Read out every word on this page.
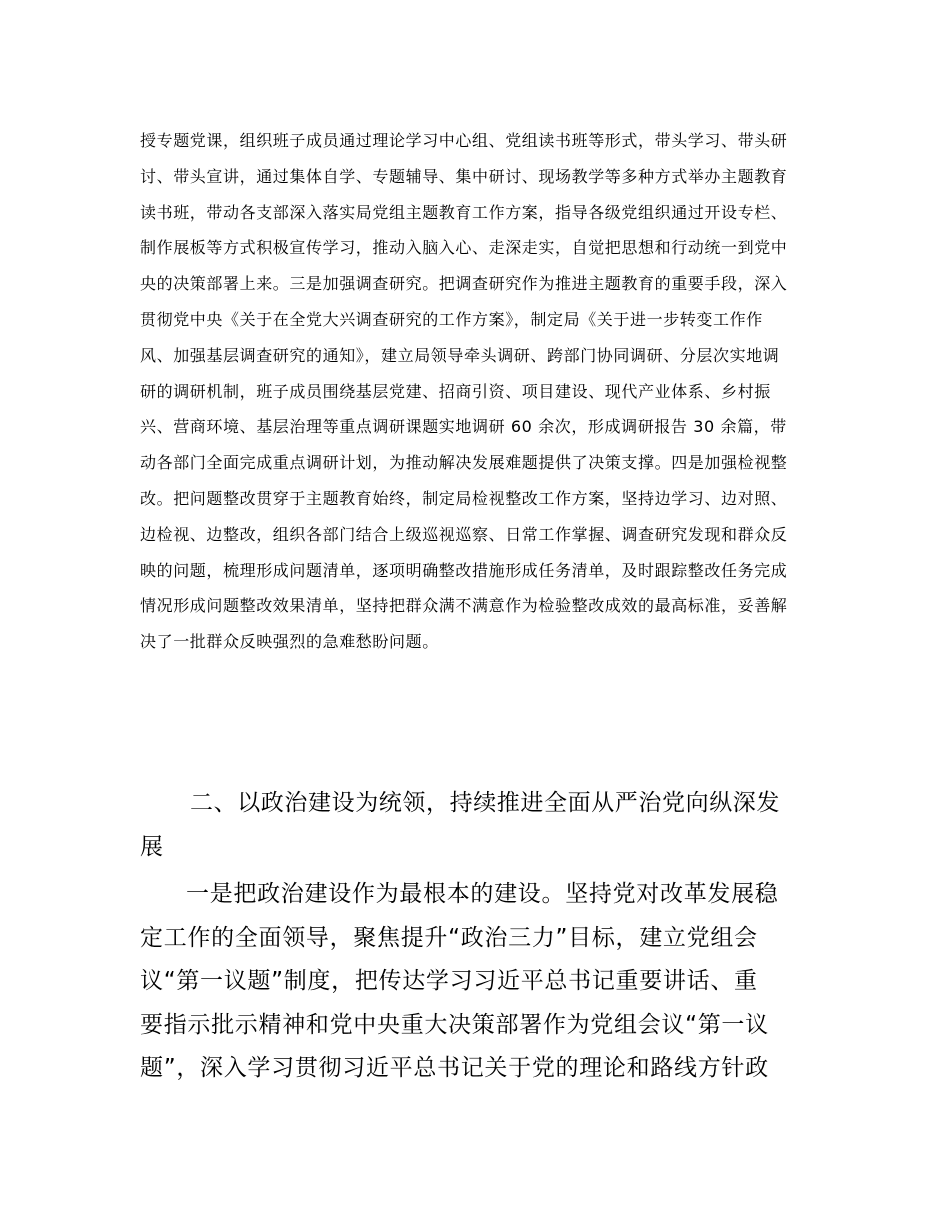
授专题党课，组织班子成员通过理论学习中心组、党组读书班等形式，带头学习、带头研
讨、带头宣讲，通过集体自学、专题辅导、集中研讨、现场教学等多种方式举办主题教育
读书班，带动各支部深入落实局党组主题教育工作方案，指导各级党组织通过开设专栏、
制作展板等方式积极宣传学习，推动入脑入心、走深走实，自觉把思想和行动统一到党中
央的决策部署上来。三是加强调查研究。把调查研究作为推进主题教育的重要手段，深入
贯彻党中央《关于在全党大兴调查研究的工作方案》，制定局《关于进一步转变工作作
风、加强基层调查研究的通知》，建立局领导牵头调研、跨部门协同调研、分层次实地调
研的调研机制，班子成员围绕基层党建、招商引资、项目建设、现代产业体系、乡村振
兴、营商环境、基层治理等重点调研课题实地调研 60 余次，形成调研报告 30 余篇，带
动各部门全面完成重点调研计划，为推动解决发展难题提供了决策支撑。四是加强检视整
改。把问题整改贯穿于主题教育始终，制定局检视整改工作方案，坚持边学习、边对照、
边检视、边整改，组织各部门结合上级巡视巡察、日常工作掌握、调查研究发现和群众反
映的问题，梳理形成问题清单，逐项明确整改措施形成任务清单，及时跟踪整改任务完成
情况形成问题整改效果清单，坚持把群众满不满意作为检验整改成效的最高标准，妥善解
决了一批群众反映强烈的急难愁盼问题。
二、以政治建设为统领，持续推进全面从严治党向纵深发
展
一是把政治建设作为最根本的建设。坚持党对改革发展稳
定工作的全面领导，聚焦提升“政治三力”目标，建立党组会
议“第一议题”制度，把传达学习习近平总书记重要讲话、重
要指示批示精神和党中央重大决策部署作为党组会议“第一议
题”，深入学习贯彻习近平总书记关于党的理论和路线方针政
